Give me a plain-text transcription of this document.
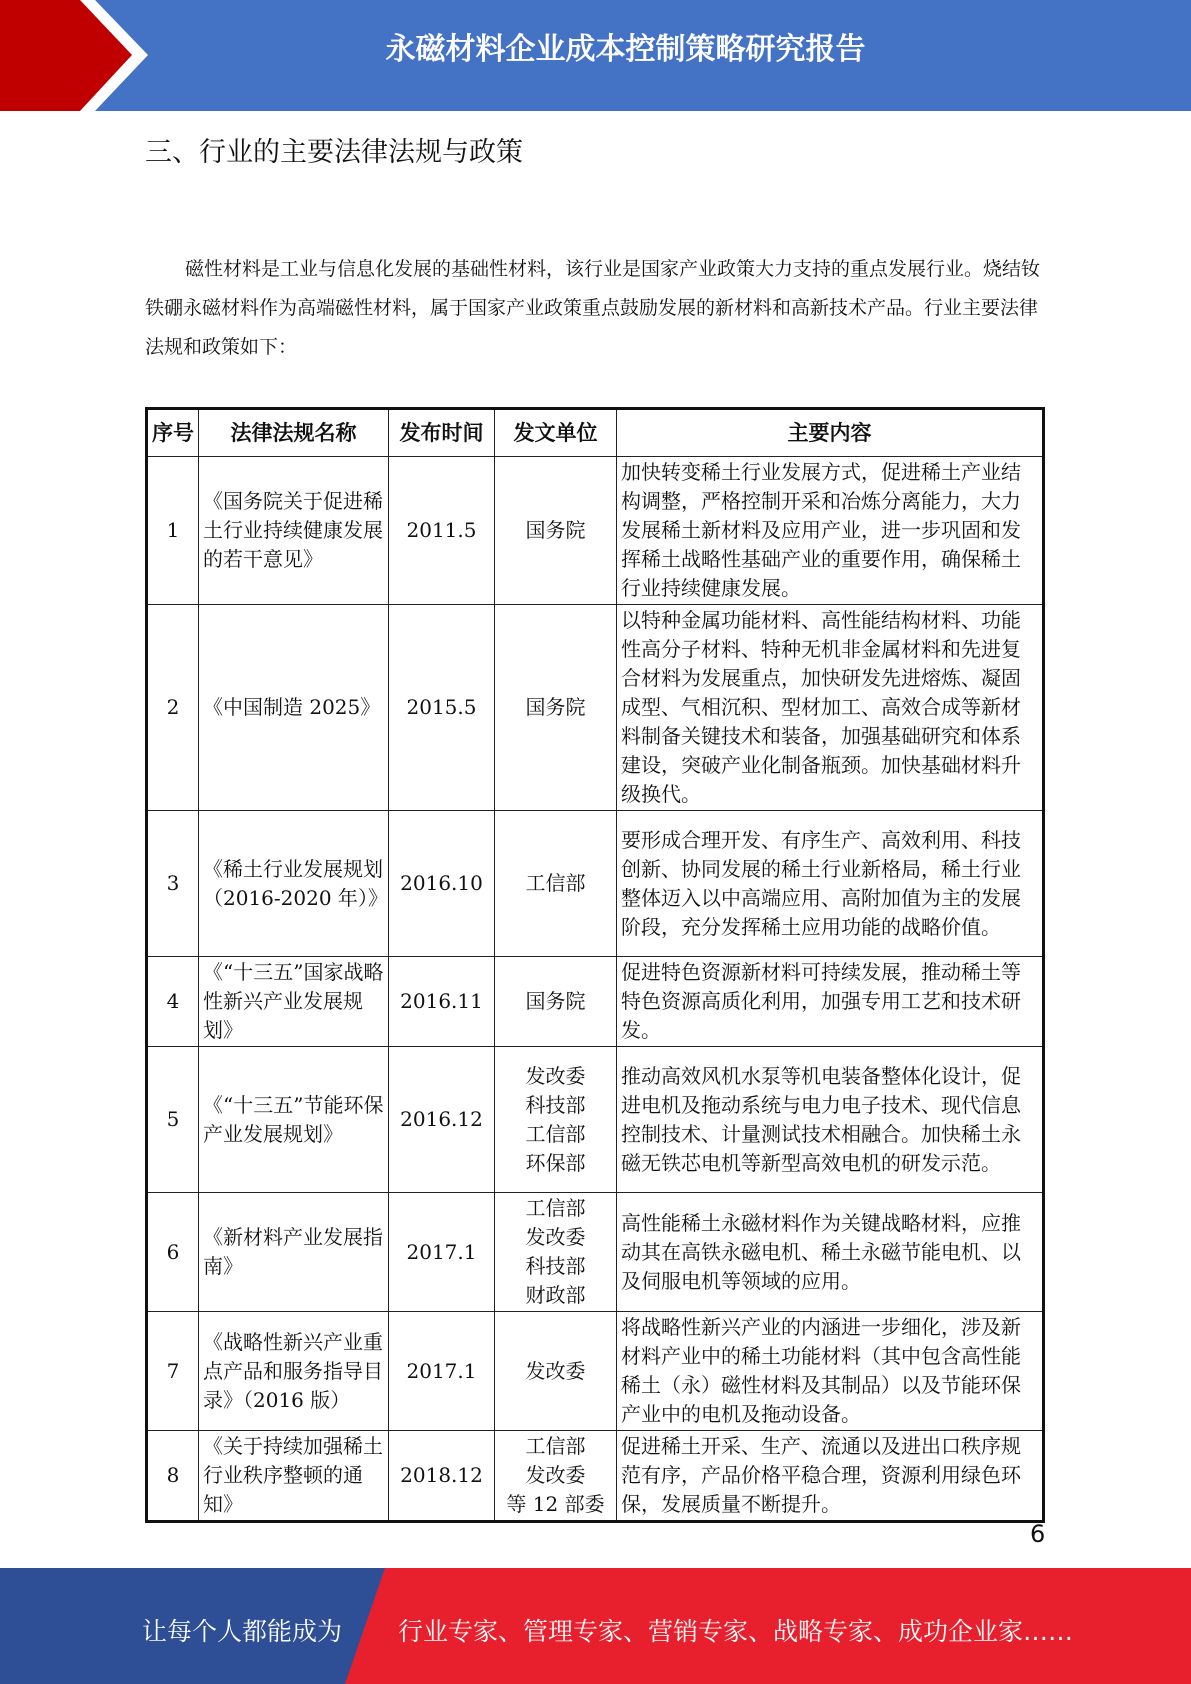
永磁材料企业成本控制策略研究报告
三、行业的主要法律法规与政策

磁性材料是工业与信息化发展的基础性材料，该行业是国家产业政策大力支持的重点发展行业。烧结钕铁硼永磁材料作为高端磁性材料，属于国家产业政策重点鼓励发展的新材料和高新技术产品。行业主要法律法规和政策如下：

序号	法律法规名称	发布时间	发文单位	主要内容
1	《国务院关于促进稀土行业持续健康发展的若干意见》	2011.5	国务院	加快转变稀土行业发展方式，促进稀土产业结构调整，严格控制开采和冶炼分离能力，大力发展稀土新材料及应用产业，进一步巩固和发挥稀土战略性基础产业的重要作用，确保稀土行业持续健康发展。
2	《中国制造 2025》	2015.5	国务院	以特种金属功能材料、高性能结构材料、功能性高分子材料、特种无机非金属材料和先进复合材料为发展重点，加快研发先进熔炼、凝固成型、气相沉积、型材加工、高效合成等新材料制备关键技术和装备，加强基础研究和体系建设，突破产业化制备瓶颈。加快基础材料升级换代。
3	《稀土行业发展规划（2016-2020 年）》	2016.10	工信部	要形成合理开发、有序生产、高效利用、科技创新、协同发展的稀土行业新格局，稀土行业整体迈入以中高端应用、高附加值为主的发展阶段，充分发挥稀土应用功能的战略价值。
4	《“十三五”国家战略性新兴产业发展规划》	2016.11	国务院	促进特色资源新材料可持续发展，推动稀土等特色资源高质化利用，加强专用工艺和技术研发。
5	《“十三五”节能环保产业发展规划》	2016.12	发改委
科技部
工信部
环保部	推动高效风机水泵等机电装备整体化设计，促进电机及拖动系统与电力电子技术、现代信息控制技术、计量测试技术相融合。加快稀土永磁无铁芯电机等新型高效电机的研发示范。
6	《新材料产业发展指南》	2017.1	工信部
发改委
科技部
财政部	高性能稀土永磁材料作为关键战略材料，应推动其在高铁永磁电机、稀土永磁节能电机、以及伺服电机等领域的应用。
7	《战略性新兴产业重点产品和服务指导目录》（2016 版）	2017.1	发改委	将战略性新兴产业的内涵进一步细化，涉及新材料产业中的稀土功能材料（其中包含高性能稀土（永）磁性材料及其制品）以及节能环保产业中的电机及拖动设备。
8	《关于持续加强稀土行业秩序整顿的通知》	2018.12	工信部
发改委
等 12 部委	促进稀土开采、生产、流通以及进出口秩序规范有序，产品价格平稳合理，资源利用绿色环保，发展质量不断提升。
6
让每个人都能成为 行业专家、管理专家、营销专家、战略专家、成功企业家……
